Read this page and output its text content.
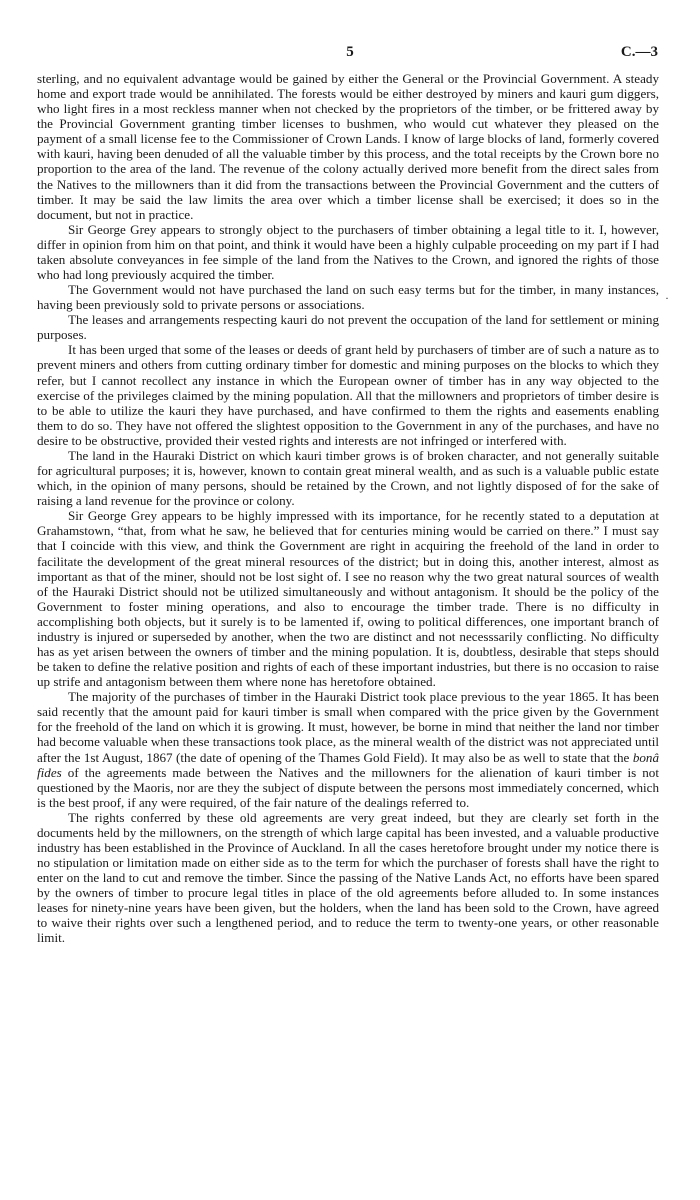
5	C.—3
·

sterling, and no equivalent advantage would be gained by either the General or the Provincial Government. A steady home and export trade would be annihilated. The forests would be either destroyed by miners and kauri gum diggers, who light fires in a most reckless manner when not checked by the proprietors of the timber, or be frittered away by the Provincial Government granting timber licenses to bushmen, who would cut whatever they pleased on the payment of a small license fee to the Commissioner of Crown Lands. I know of large blocks of land, formerly covered with kauri, having been denuded of all the valuable timber by this process, and the total receipts by the Crown bore no proportion to the area of the land. The revenue of the colony actually derived more benefit from the direct sales from the Natives to the millowners than it did from the transactions between the Provincial Government and the cutters of timber. It may be said the law limits the area over which a timber license shall be exercised; it does so in the document, but not in practice.

Sir George Grey appears to strongly object to the purchasers of timber obtaining a legal title to it. I, however, differ in opinion from him on that point, and think it would have been a highly culpable proceeding on my part if I had taken absolute conveyances in fee simple of the land from the Natives to the Crown, and ignored the rights of those who had long previously acquired the timber.

The Government would not have purchased the land on such easy terms but for the timber, in many instances, having been previously sold to private persons or associations.

The leases and arrangements respecting kauri do not prevent the occupation of the land for settlement or mining purposes.

It has been urged that some of the leases or deeds of grant held by purchasers of timber are of such a nature as to prevent miners and others from cutting ordinary timber for domestic and mining purposes on the blocks to which they refer, but I cannot recollect any instance in which the European owner of timber has in any way objected to the exercise of the privileges claimed by the mining population. All that the millowners and proprietors of timber desire is to be able to utilize the kauri they have purchased, and have confirmed to them the rights and easements enabling them to do so. They have not offered the slightest opposition to the Government in any of the purchases, and have no desire to be obstructive, provided their vested rights and interests are not infringed or interfered with.

The land in the Hauraki District on which kauri timber grows is of broken character, and not generally suitable for agricultural purposes; it is, however, known to contain great mineral wealth, and as such is a valuable public estate which, in the opinion of many persons, should be retained by the Crown, and not lightly disposed of for the sake of raising a land revenue for the province or colony.

Sir George Grey appears to be highly impressed with its importance, for he recently stated to a deputation at Grahamstown, “that, from what he saw, he believed that for centuries mining would be carried on there.” I must say that I coincide with this view, and think the Government are right in acquiring the freehold of the land in order to facilitate the development of the great mineral resources of the district; but in doing this, another interest, almost as important as that of the miner, should not be lost sight of. I see no reason why the two great natural sources of wealth of the Hauraki District should not be utilized simultaneously and without antagonism. It should be the policy of the Government to foster mining operations, and also to encourage the timber trade. There is no difficulty in accomplishing both objects, but it surely is to be lamented if, owing to political differences, one important branch of industry is injured or superseded by another, when the two are distinct and not necesssarily conflicting. No difficulty has as yet arisen between the owners of timber and the mining population. It is, doubtless, desirable that steps should be taken to define the relative position and rights of each of these important industries, but there is no occasion to raise up strife and antagonism between them where none has heretofore obtained.

The majority of the purchases of timber in the Hauraki District took place previous to the year 1865. It has been said recently that the amount paid for kauri timber is small when compared with the price given by the Government for the freehold of the land on which it is growing. It must, however, be borne in mind that neither the land nor timber had become valuable when these transactions took place, as the mineral wealth of the district was not appreciated until after the 1st August, 1867 (the date of opening of the Thames Gold Field). It may also be as well to state that the bonâ fides of the agreements made between the Natives and the millowners for the alienation of kauri timber is not questioned by the Maoris, nor are they the subject of dispute between the persons most immediately concerned, which is the best proof, if any were required, of the fair nature of the dealings referred to.

The rights conferred by these old agreements are very great indeed, but they are clearly set forth in the documents held by the millowners, on the strength of which large capital has been invested, and a valuable productive industry has been established in the Province of Auckland. In all the cases heretofore brought under my notice there is no stipulation or limitation made on either side as to the term for which the purchaser of forests shall have the right to enter on the land to cut and remove the timber. Since the passing of the Native Lands Act, no efforts have been spared by the owners of timber to procure legal titles in place of the old agreements before alluded to. In some instances leases for ninety-nine years have been given, but the holders, when the land has been sold to the Crown, have agreed to waive their rights over such a lengthened period, and to reduce the term to twenty-one years, or other reasonable limit.
